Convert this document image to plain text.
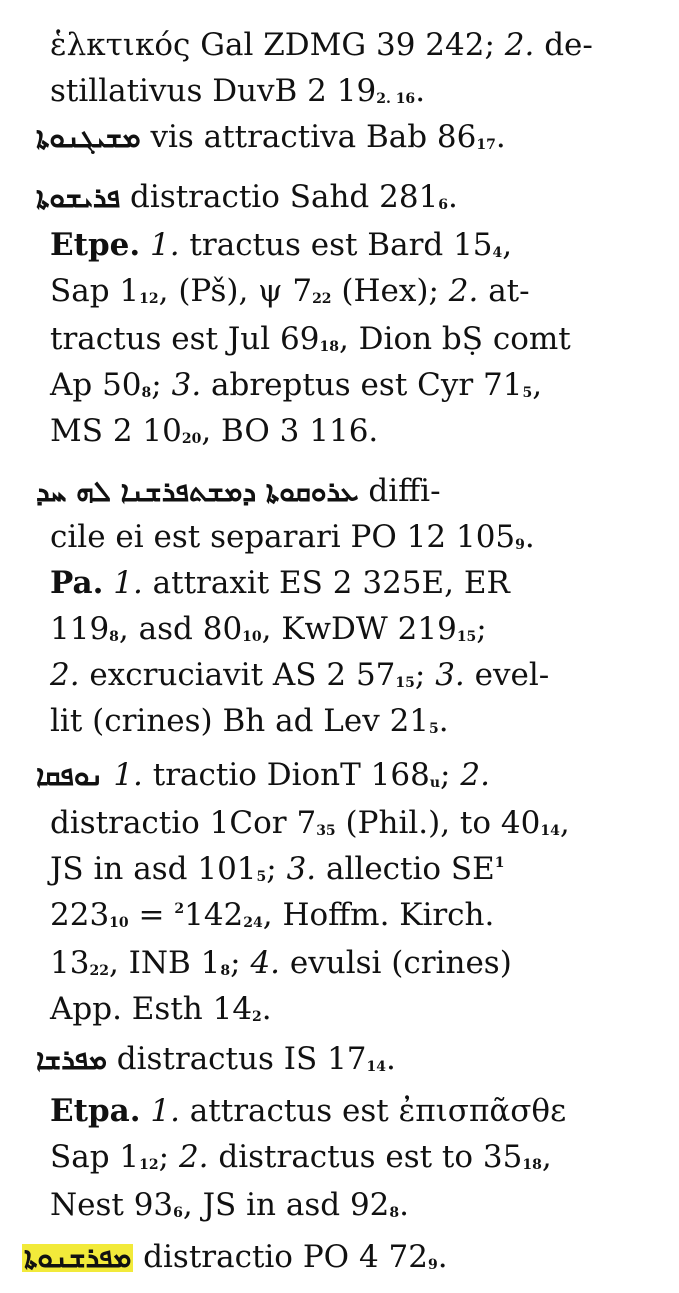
ἑλκτικός Gal ZDMG 39 242; 2. de-
stillativus DuvB 2 $19_{2. 16}$.
ܡܫܝܓܢܘܬܐ vis attractiva Bab $86_{17}$.
ܦܪܝܫܘܬܐ distractio Sahd $281_6$.
Etpe. 1. tractus est Bard $15_4$,
Sap $1_{12}$, (Pš), ψ $7_{22}$ (Hex); 2. at-
tractus est Jul $69_{18}$, Dion bṢ comt
Ap $50_8$; 3. abreptus est Cyr $71_5$,
MS 2 $10_{20}$, BO 3 116.
ܥܪܘܩܘܬܐ ܕܡܫܬܦܪܫܢܐ ܠܗ ܚܕ diffi-
cile ei est separari PO 12 $105_9$.
Pa. 1. attraxit ES 2 325E, ER
$119_8$, asd $80_{10}$, KwDW $219_{15}$;
2. excruciavit AS 2 $57_{15}$; 3. evel-
lit (crines) Bh ad Lev $21_5$.
ܢܘܦܩܐ 1. tractio DionT $168_u$; 2.
distractio 1Cor $7_{35}$ (Phil.), to $40_{14}$,
JS in asd $101_5$; 3. allectio $SE^1$
$223_{10} = ^2142_{24}$, Hoffm. Kirch.
$13_{22}$, INB $1_8$; 4. evulsi (crines)
App. Esth $14_2$.
ܡܦܪܫܐ distractus IS $17_{14}$.
Etpa. 1. attractus est ἐπισπᾶσθε
Sap $1_{12}$; 2. distractus est to $35_{18}$,
Nest $93_6$, JS in asd $92_8$.
ܡܦܪܫܢܘܬܐ distractio PO 4 $72_9$.
